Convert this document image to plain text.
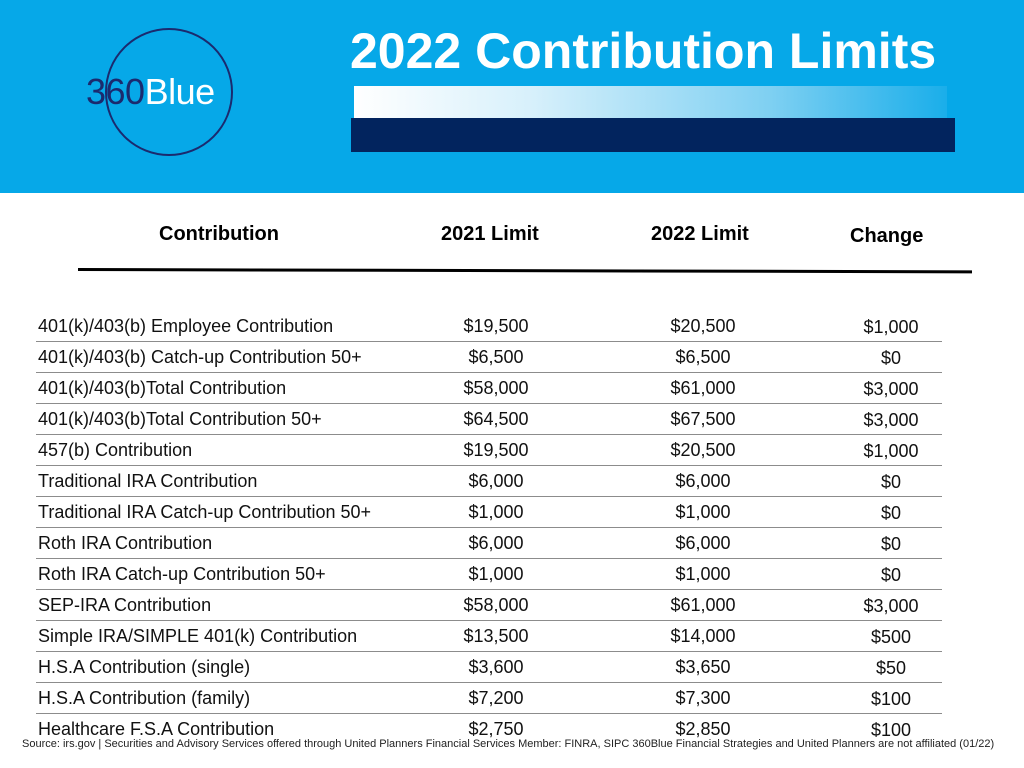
360Blue
2022 Contribution Limits
Contribution	2021 Limit	2022 Limit	Change
401(k)/403(b) Employee Contribution	$19,500	$20,500	$1,000
401(k)/403(b) Catch-up Contribution 50+	$6,500	$6,500	$0
401(k)/403(b)Total Contribution	$58,000	$61,000	$3,000
401(k)/403(b)Total Contribution 50+	$64,500	$67,500	$3,000
457(b) Contribution	$19,500	$20,500	$1,000
Traditional IRA Contribution	$6,000	$6,000	$0
Traditional IRA Catch-up Contribution 50+	$1,000	$1,000	$0
Roth IRA Contribution	$6,000	$6,000	$0
Roth IRA Catch-up Contribution 50+	$1,000	$1,000	$0
SEP-IRA Contribution	$58,000	$61,000	$3,000
Simple IRA/SIMPLE 401(k) Contribution	$13,500	$14,000	$500
H.S.A Contribution (single)	$3,600	$3,650	$50
H.S.A Contribution (family)	$7,200	$7,300	$100
Healthcare F.S.A Contribution	$2,750	$2,850	$100
Source: irs.gov | Securities and Advisory Services offered through United Planners Financial Services Member: FINRA, SIPC 360Blue Financial Strategies and United Planners are not affiliated (01/22)
